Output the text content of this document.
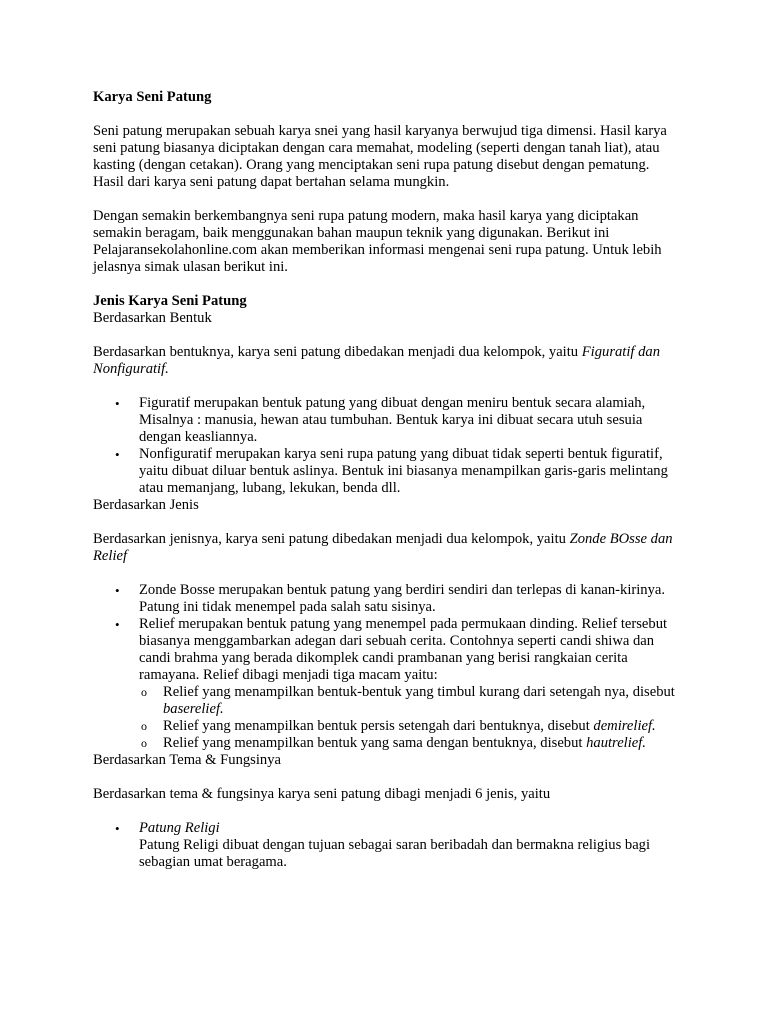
Karya Seni Patung

Seni patung merupakan sebuah karya snei yang hasil karyanya berwujud tiga dimensi. Hasil karya seni patung biasanya diciptakan dengan cara memahat, modeling (seperti dengan tanah liat), atau kasting (dengan cetakan). Orang yang menciptakan seni rupa patung disebut dengan pematung. Hasil dari karya seni patung dapat bertahan selama mungkin.

Dengan semakin berkembangnya seni rupa patung modern, maka hasil karya yang diciptakan semakin beragam, baik menggunakan bahan maupun teknik yang digunakan. Berikut ini Pelajaransekolahonline.com akan memberikan informasi mengenai seni rupa patung. Untuk lebih jelasnya simak ulasan berikut ini.

Jenis Karya Seni Patung

Berdasarkan Bentuk

Berdasarkan bentuknya, karya seni patung dibedakan menjadi dua kelompok, yaitu Figuratif dan Nonfiguratif.

• Figuratif merupakan bentuk patung yang dibuat dengan meniru bentuk secara alamiah, Misalnya : manusia, hewan atau tumbuhan. Bentuk karya ini dibuat secara utuh sesuia dengan keasliannya.
• Nonfiguratif merupakan karya seni rupa patung yang dibuat tidak seperti bentuk figuratif, yaitu dibuat diluar bentuk aslinya. Bentuk ini biasanya menampilkan garis-garis melintang atau memanjang, lubang, lekukan, benda dll.

Berdasarkan Jenis

Berdasarkan jenisnya, karya seni patung dibedakan menjadi dua kelompok, yaitu Zonde BOsse dan Relief

• Zonde Bosse merupakan bentuk patung yang berdiri sendiri dan terlepas di kanan-kirinya. Patung ini tidak menempel pada salah satu sisinya.
• Relief merupakan bentuk patung yang menempel pada permukaan dinding. Relief tersebut biasanya menggambarkan adegan dari sebuah cerita. Contohnya seperti candi shiwa dan candi brahma yang berada dikomplek candi prambanan yang berisi rangkaian cerita ramayana. Relief dibagi menjadi tiga macam yaitu:
o Relief yang menampilkan bentuk-bentuk yang timbul kurang dari setengah nya, disebut baserelief.
o Relief yang menampilkan bentuk persis setengah dari bentuknya, disebut demirelief.
o Relief yang menampilkan bentuk yang sama dengan bentuknya, disebut hautrelief.

Berdasarkan Tema & Fungsinya

Berdasarkan tema & fungsinya karya seni patung dibagi menjadi 6 jenis, yaitu

• Patung Religi
Patung Religi dibuat dengan tujuan sebagai saran beribadah dan bermakna religius bagi sebagian umat beragama.
